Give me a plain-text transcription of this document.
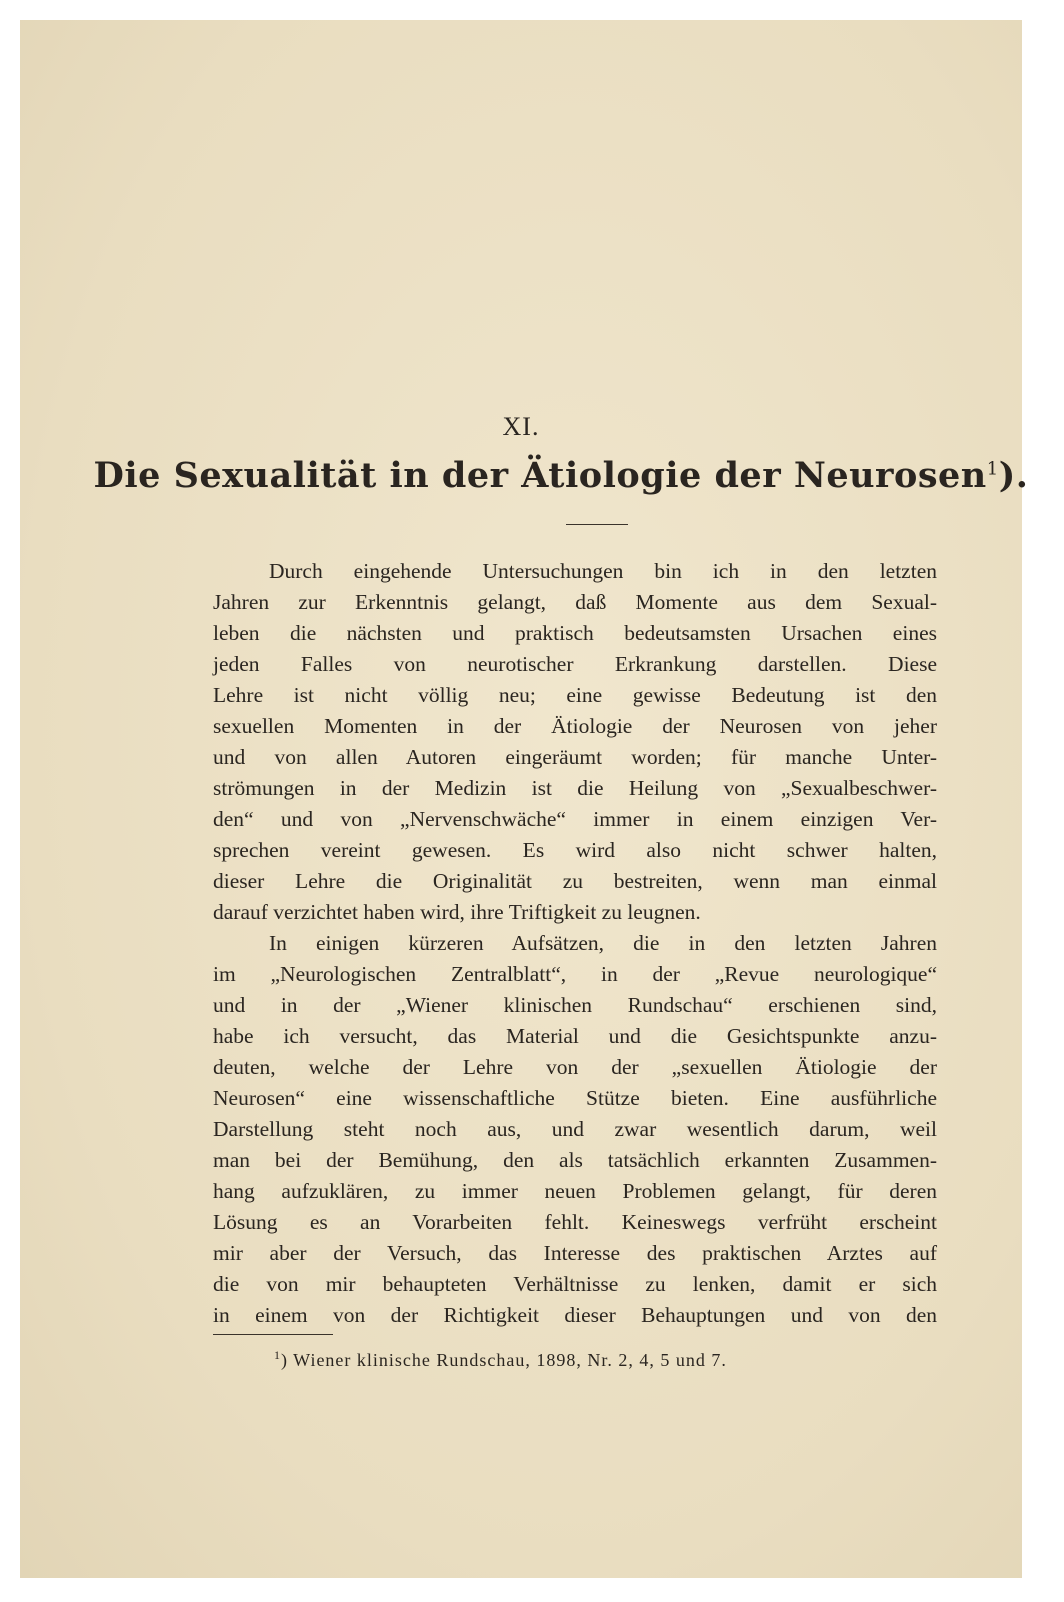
XI.
Die Sexualität in der Ätiologie der Neurosen$^1$).
Durch eingehende Untersuchungen bin ich in den letzten
Jahren zur Erkenntnis gelangt, daß Momente aus dem Sexual-
leben die nächsten und praktisch bedeutsamsten Ursachen eines
jeden Falles von neurotischer Erkrankung darstellen. Diese
Lehre ist nicht völlig neu; eine gewisse Bedeutung ist den
sexuellen Momenten in der Ätiologie der Neurosen von jeher
und von allen Autoren eingeräumt worden; für manche Unter-
strömungen in der Medizin ist die Heilung von „Sexualbeschwer-
den“ und von „Nervenschwäche“ immer in einem einzigen Ver-
sprechen vereint gewesen. Es wird also nicht schwer halten,
dieser Lehre die Originalität zu bestreiten, wenn man einmal
darauf verzichtet haben wird, ihre Triftigkeit zu leugnen.
In einigen kürzeren Aufsätzen, die in den letzten Jahren
im „Neurologischen Zentralblatt“, in der „Revue neurologique“
und in der „Wiener klinischen Rundschau“ erschienen sind,
habe ich versucht, das Material und die Gesichtspunkte anzu-
deuten, welche der Lehre von der „sexuellen Ätiologie der
Neurosen“ eine wissenschaftliche Stütze bieten. Eine ausführliche
Darstellung steht noch aus, und zwar wesentlich darum, weil
man bei der Bemühung, den als tatsächlich erkannten Zusammen-
hang aufzuklären, zu immer neuen Problemen gelangt, für deren
Lösung es an Vorarbeiten fehlt. Keineswegs verfrüht erscheint
mir aber der Versuch, das Interesse des praktischen Arztes auf
die von mir behaupteten Verhältnisse zu lenken, damit er sich
in einem von der Richtigkeit dieser Behauptungen und von den
$^1$) Wiener klinische Rundschau, 1898, Nr. 2, 4, 5 und 7.
